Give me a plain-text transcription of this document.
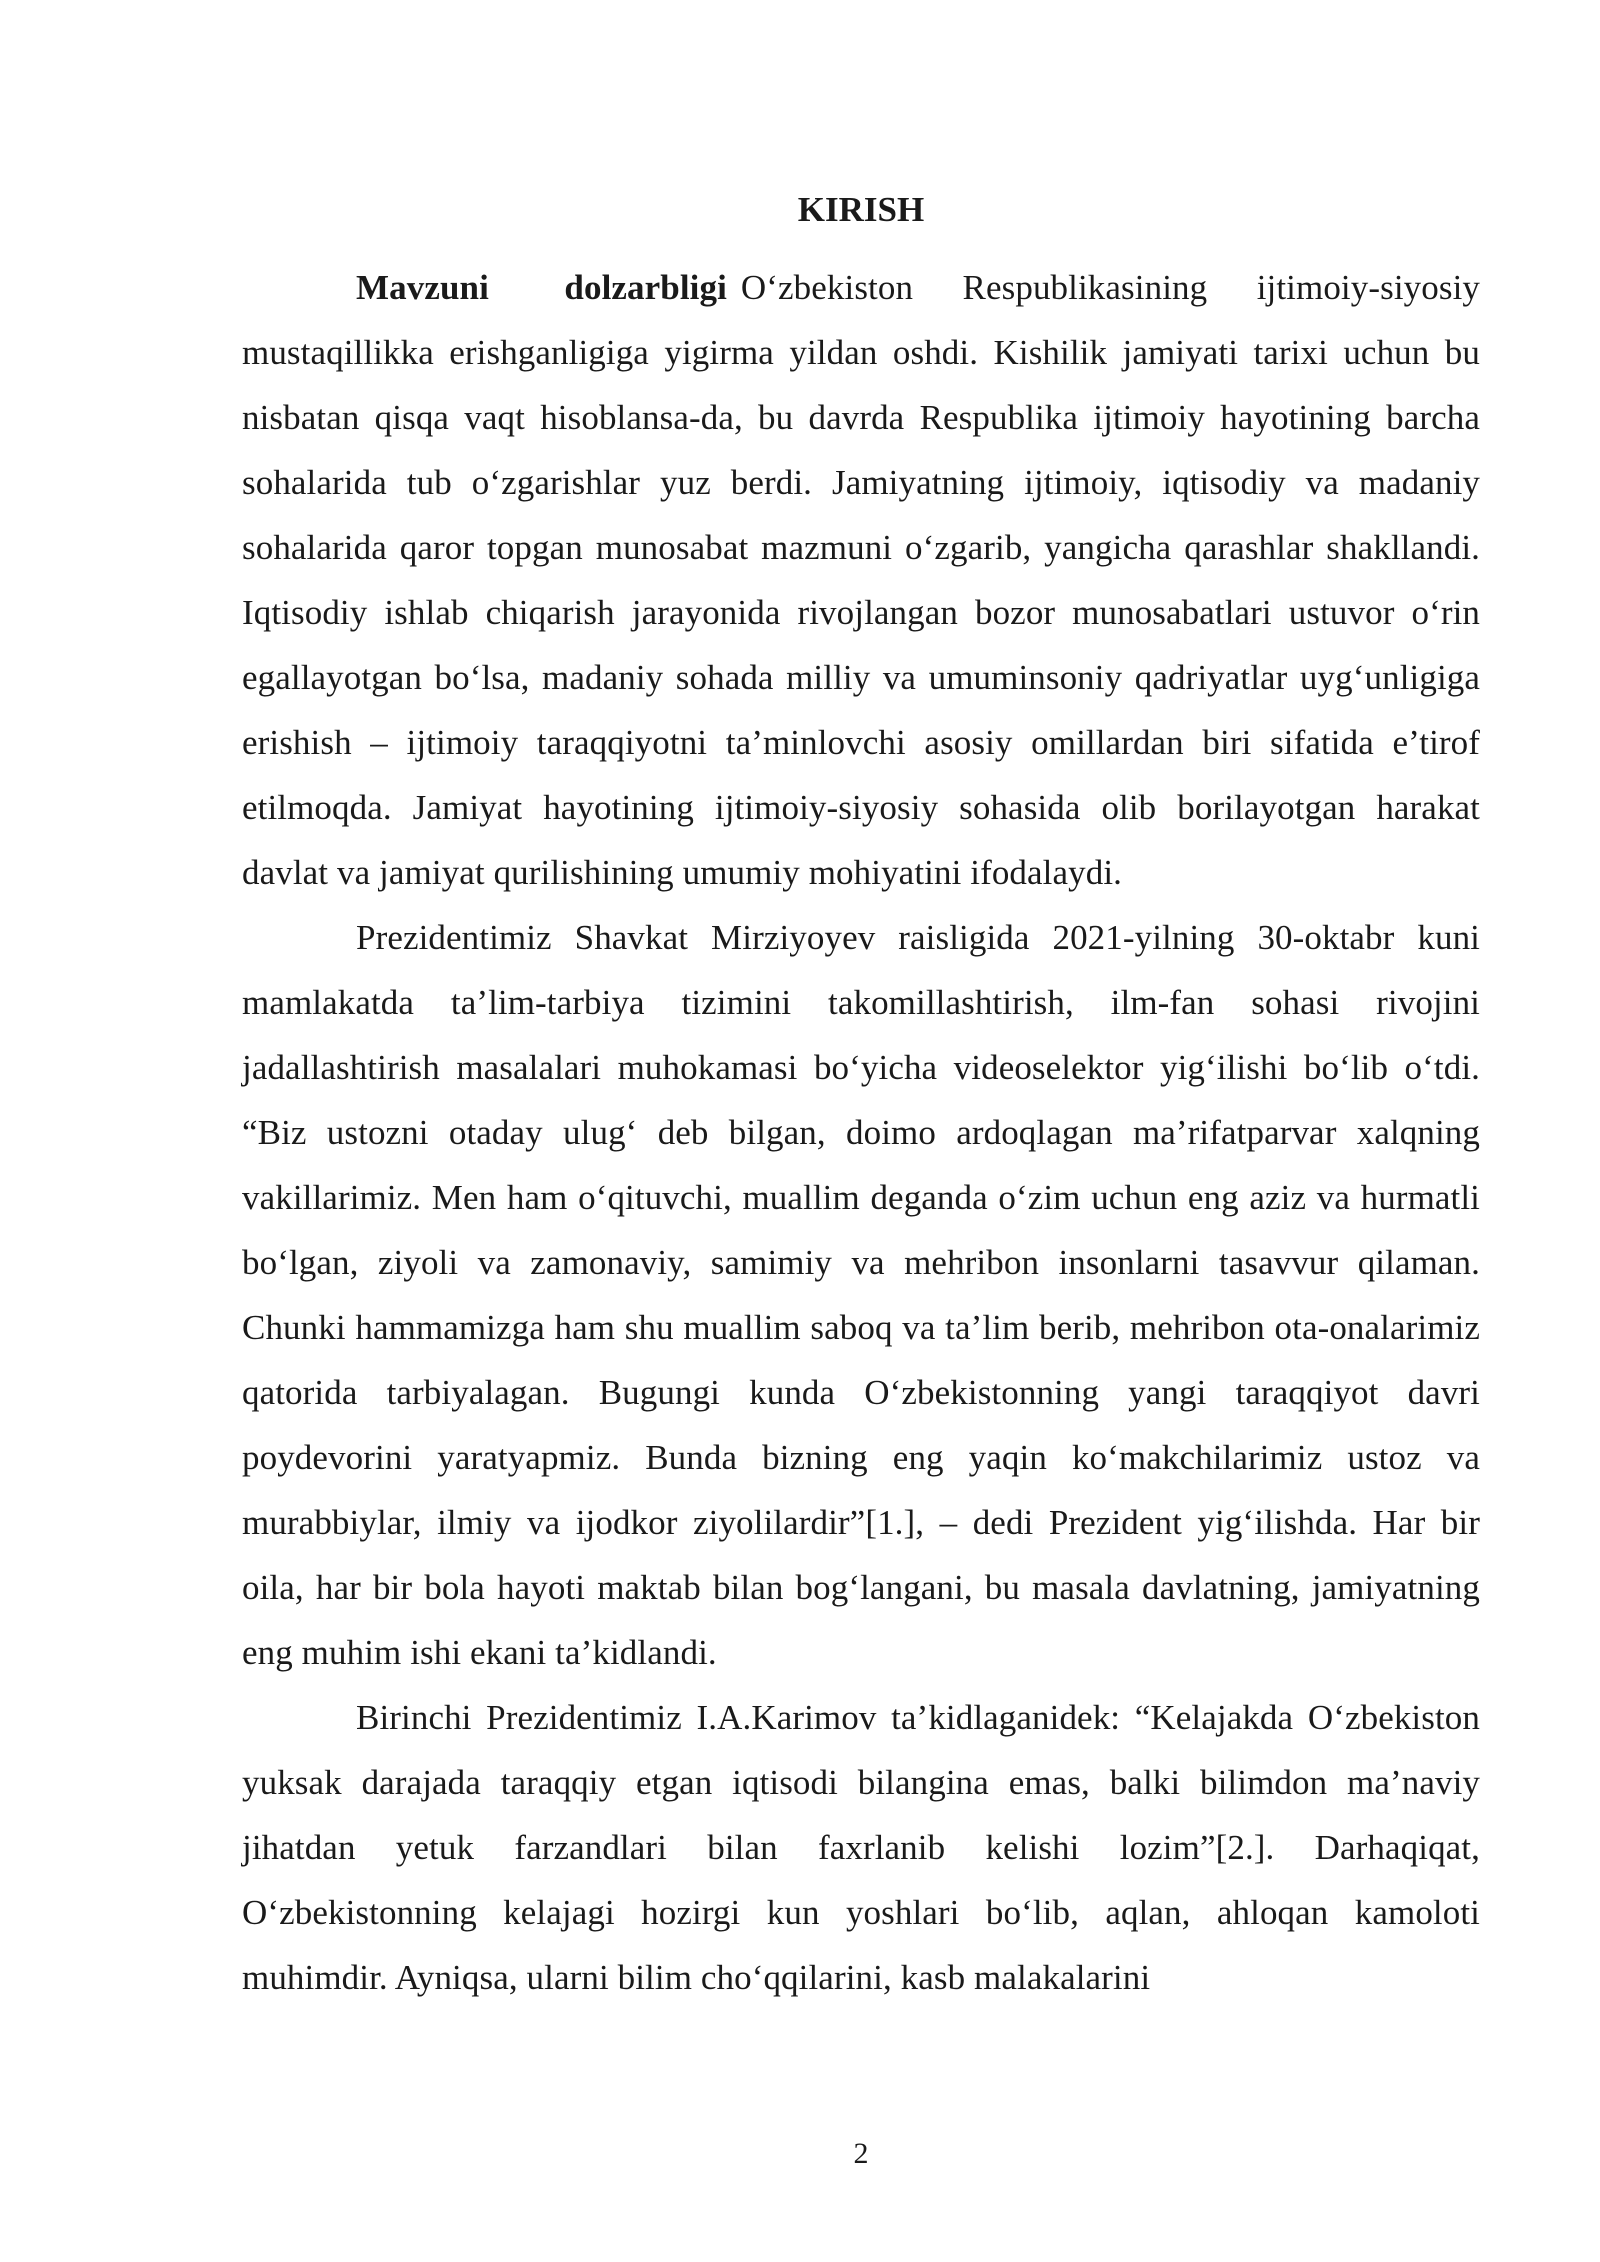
KIRISH

Mavzuni dolzarbligi O‘zbekiston Respublikasining ijtimoiy-siyosiy mustaqillikka erishganligiga yigirma yildan oshdi. Kishilik jamiyati tarixi uchun bu nisbatan qisqa vaqt hisoblansa-da, bu davrda Respublika ijtimoiy hayotining barcha sohalarida tub o‘zgarishlar yuz berdi. Jamiyatning ijtimoiy, iqtisodiy va madaniy sohalarida qaror topgan munosabat mazmuni o‘zgarib, yangicha qarashlar shakllandi. Iqtisodiy ishlab chiqarish jarayonida rivojlangan bozor munosabatlari ustuvor o‘rin egallayotgan bo‘lsa, madaniy sohada milliy va umuminsoniy qadriyatlar uyg‘unligiga erishish – ijtimoiy taraqqiyotni ta’minlovchi asosiy omillardan biri sifatida e’tirof etilmoqda. Jamiyat hayotining ijtimoiy-siyosiy sohasida olib borilayotgan harakat davlat va jamiyat qurilishining umumiy mohiyatini ifodalaydi.

Prezidentimiz Shavkat Mirziyoyev raisligida 2021-yilning 30-oktabr kuni mamlakatda ta’lim-tarbiya tizimini takomillashtirish, ilm-fan sohasi rivojini jadallashtirish masalalari muhokamasi bo‘yicha videoselektor yig‘ilishi bo‘lib o‘tdi. “Biz ustozni otaday ulug‘ deb bilgan, doimo ardoqlagan ma’rifatparvar xalqning vakillarimiz. Men ham o‘qituvchi, muallim deganda o‘zim uchun eng aziz va hurmatli bo‘lgan, ziyoli va zamonaviy, samimiy va mehribon insonlarni tasavvur qilaman. Chunki hammamizga ham shu muallim saboq va ta’lim berib, mehribon ota-onalarimiz qatorida tarbiyalagan. Bugungi kunda O‘zbekistonning yangi taraqqiyot davri poydevorini yaratyapmiz. Bunda bizning eng yaqin ko‘makchilarimiz ustoz va murabbiylar, ilmiy va ijodkor ziyolilardir”[1.], – dedi Prezident yig‘ilishda. Har bir oila, har bir bola hayoti maktab bilan bog‘langani, bu masala davlatning, jamiyatning eng muhim ishi ekani ta’kidlandi.

Birinchi Prezidentimiz I.A.Karimov ta’kidlaganidek: “Kelajakda O‘zbekiston yuksak darajada taraqqiy etgan iqtisodi bilangina emas, balki bilimdon ma’naviy jihatdan yetuk farzandlari bilan faxrlanib kelishi lozim”[2.]. Darhaqiqat, O‘zbekistonning kelajagi hozirgi kun yoshlari bo‘lib, aqlan, ahloqan kamoloti muhimdir. Ayniqsa, ularni bilim cho‘qqilarini, kasb malakalarini

2
